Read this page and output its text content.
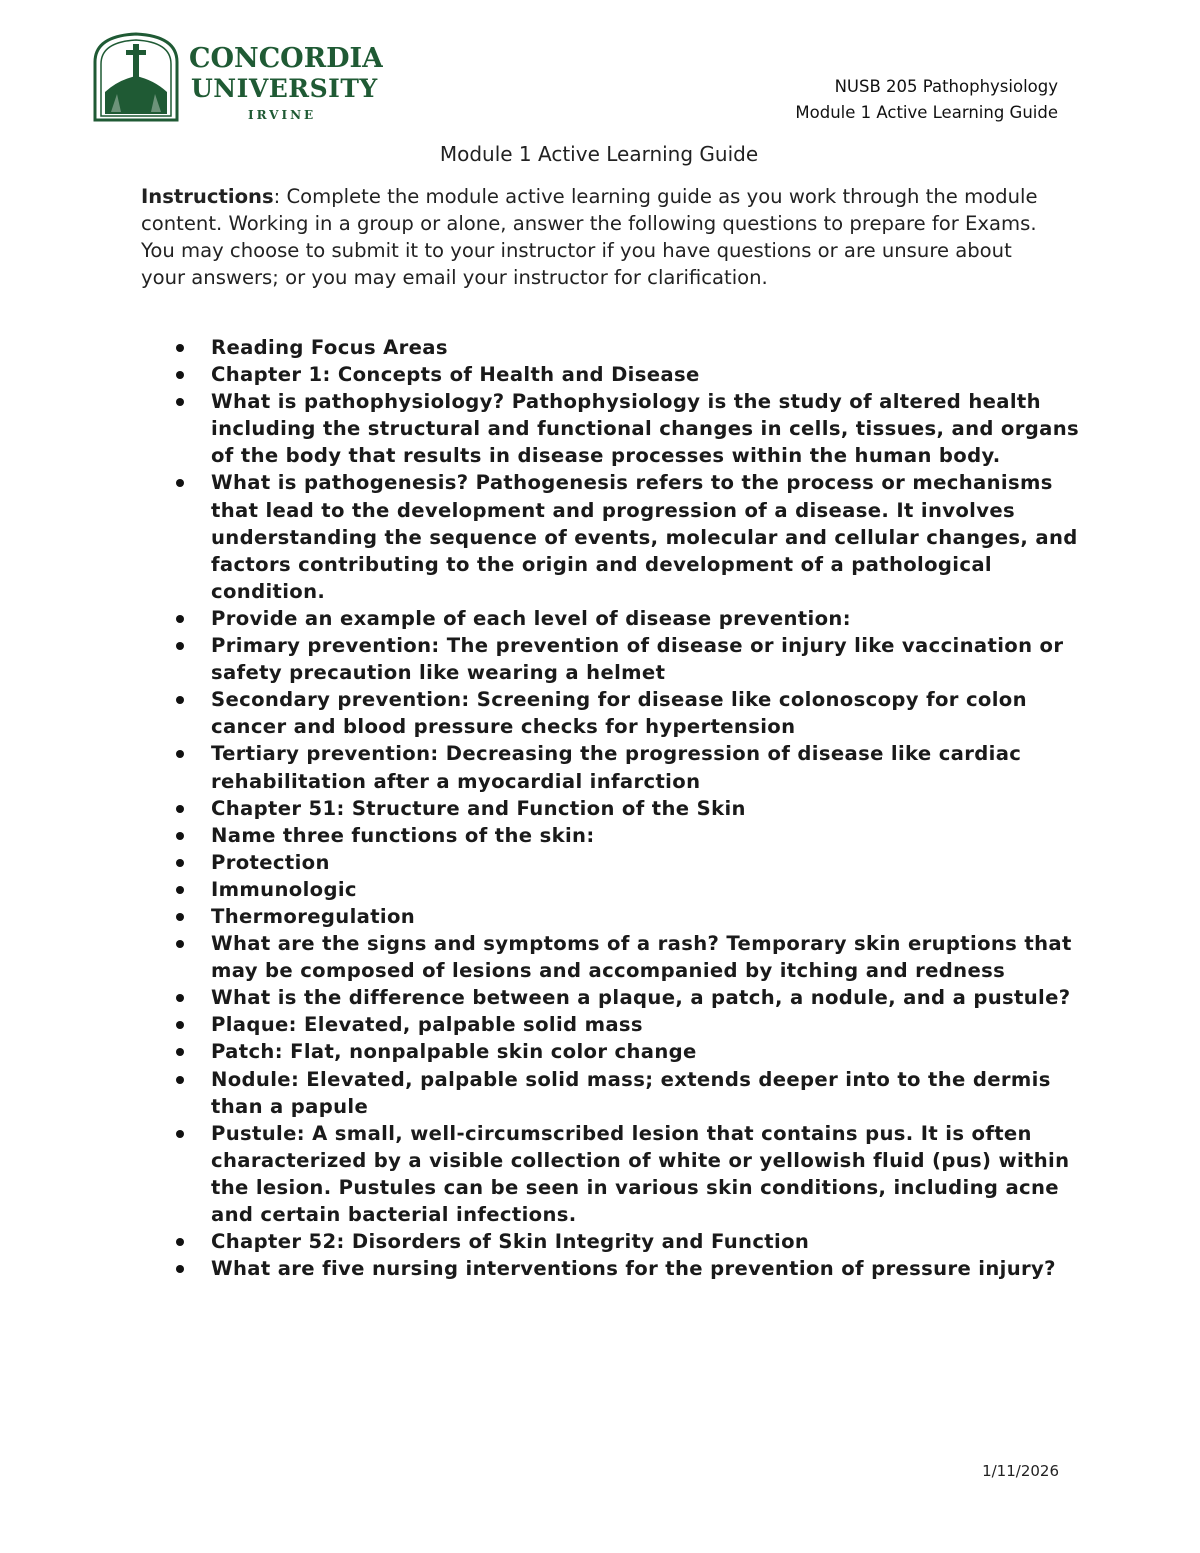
CONCORDIA
UNIVERSITY
IRVINE
NUSB 205 Pathophysiology
Module 1 Active Learning Guide
Module 1 Active Learning Guide
Instructions: Complete the module active learning guide as you work through the module content. Working in a group or alone, answer the following questions to prepare for Exams. You may choose to submit it to your instructor if you have questions or are unsure about your answers; or you may email your instructor for clarification.
Reading Focus Areas
Chapter 1: Concepts of Health and Disease
What is pathophysiology? Pathophysiology is the study of altered health including the structural and functional changes in cells, tissues, and organs of the body that results in disease processes within the human body.
What is pathogenesis? Pathogenesis refers to the process or mechanisms that lead to the development and progression of a disease. It involves understanding the sequence of events, molecular and cellular changes, and factors contributing to the origin and development of a pathological condition.
Provide an example of each level of disease prevention:
Primary prevention: The prevention of disease or injury like vaccination or safety precaution like wearing a helmet
Secondary prevention: Screening for disease like colonoscopy for colon cancer and blood pressure checks for hypertension
Tertiary prevention: Decreasing the progression of disease like cardiac rehabilitation after a myocardial infarction
Chapter 51: Structure and Function of the Skin
Name three functions of the skin:
Protection
Immunologic
Thermoregulation
What are the signs and symptoms of a rash? Temporary skin eruptions that may be composed of lesions and accompanied by itching and redness
What is the difference between a plaque, a patch, a nodule, and a pustule?
Plaque: Elevated, palpable solid mass
Patch: Flat, nonpalpable skin color change
Nodule: Elevated, palpable solid mass; extends deeper into to the dermis than a papule
Pustule: A small, well-circumscribed lesion that contains pus. It is often characterized by a visible collection of white or yellowish fluid (pus) within the lesion. Pustules can be seen in various skin conditions, including acne and certain bacterial infections.
Chapter 52: Disorders of Skin Integrity and Function
What are five nursing interventions for the prevention of pressure injury?
1/11/2026
